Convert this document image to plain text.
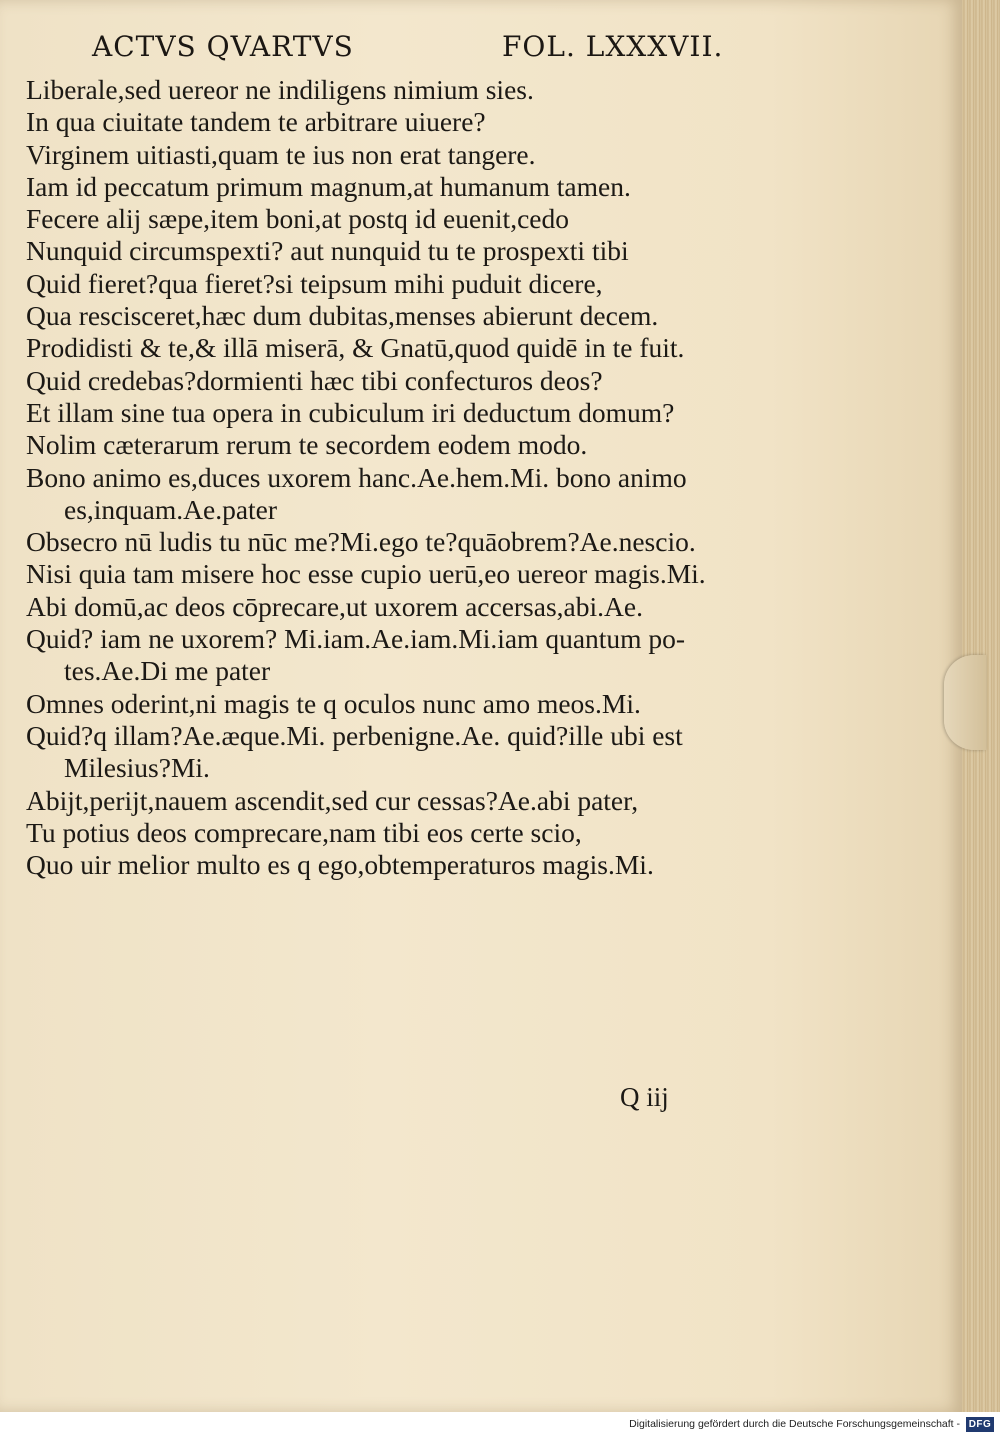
ACTVS QVARTVS	FOL. LXXXVII.
Liberale,sed uereor ne indiligens nimium sies.
In qua ciuitate tandem te arbitrare uiuere?
Virginem uitiasti,quam te ius non erat tangere.
Iam id peccatum primum magnum,at humanum tamen.
Fecere alij sæpe,item boni,at postq id euenit,cedo
Nunquid circumspexti? aut nunquid tu te prospexti tibi
Quid fieret?qua fieret?si teipsum mihi puduit dicere,
Qua rescisceret,hæc dum dubitas,menses abierunt decem.
Prodidisti & te,& illā miserā, & Gnatū,quod quidē in te fuit.
Quid credebas?dormienti hæc tibi confecturos deos?
Et illam sine tua opera in cubiculum iri deductum domum?
Nolim cæterarum rerum te secordem eodem modo.
Bono animo es,duces uxorem hanc.Ae.hem.Mi. bono animo
es,inquam.Ae.pater
Obsecro nū ludis tu nūc me?Mi.ego te?quāobrem?Ae.nescio.
Nisi quia tam misere hoc esse cupio uerū,eo uereor magis.Mi.
Abi domū,ac deos cōprecare,ut uxorem accersas,abi.Ae.
Quid? iam ne uxorem? Mi.iam.Ae.iam.Mi.iam quantum po-
tes.Ae.Di me pater
Omnes oderint,ni magis te q oculos nunc amo meos.Mi.
Quid?q illam?Ae.æque.Mi. perbenigne.Ae. quid?ille ubi est
Milesius?Mi.
Abijt,perijt,nauem ascendit,sed cur cessas?Ae.abi pater,
Tu potius deos comprecare,nam tibi eos certe scio,
Quo uir melior multo es q ego,obtemperaturos magis.Mi.
Q iij
Digitalisierung gefördert durch die Deutsche Forschungsgemeinschaft - DFG
